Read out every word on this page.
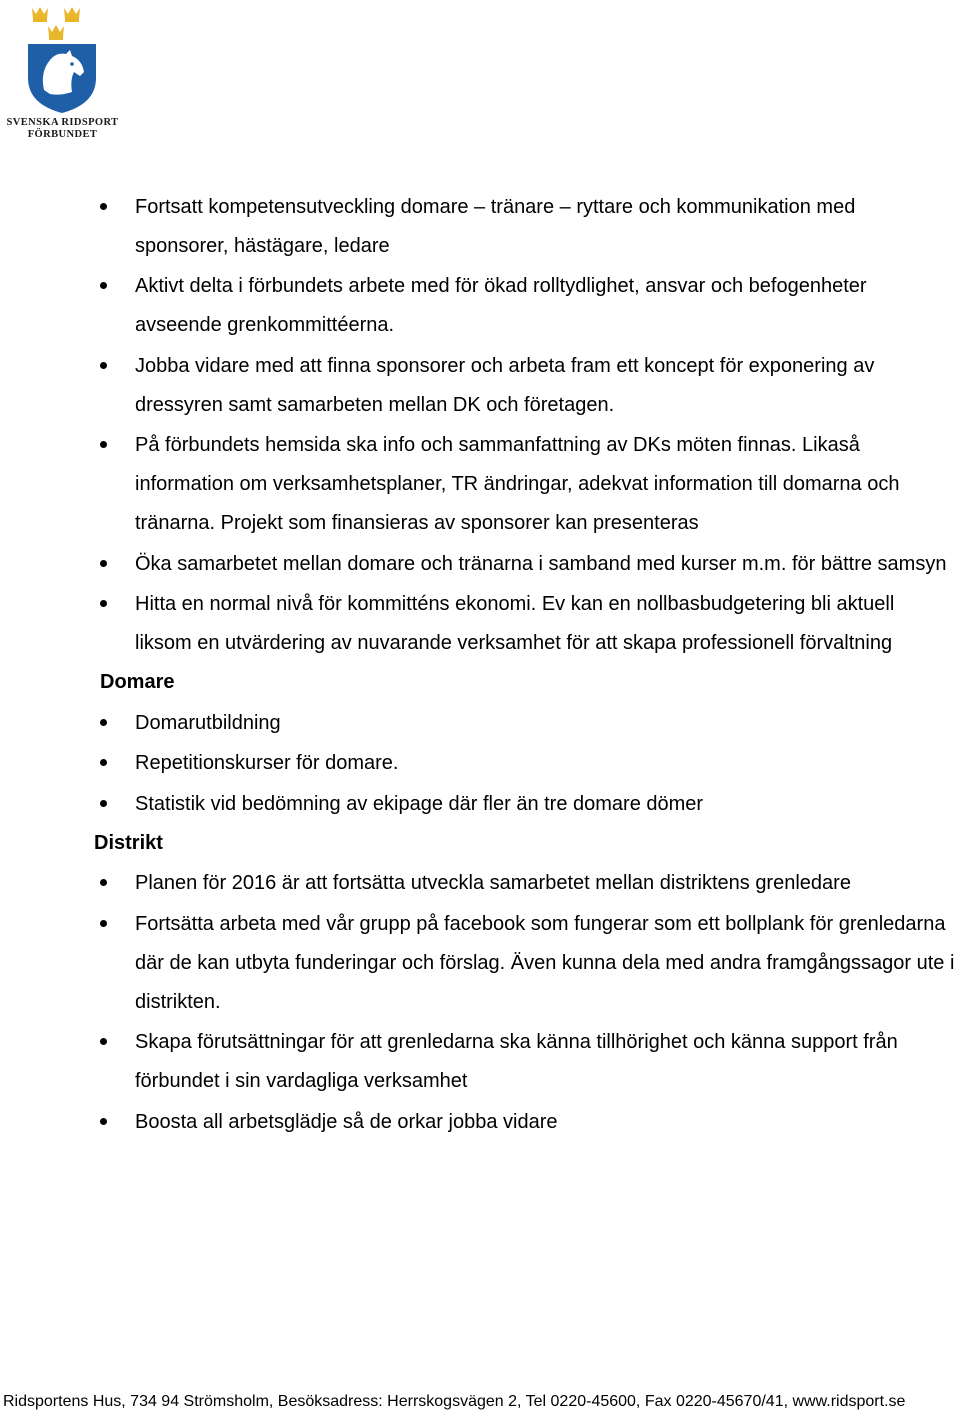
SVENSKA RIDSPORT
FÖRBUNDET
Fortsatt kompetensutveckling domare – tränare – ryttare och kommunikation med sponsorer, hästägare, ledare
Aktivt delta i förbundets arbete med för ökad rolltydlighet, ansvar och befogenheter avseende grenkommittéerna.
Jobba vidare med att finna sponsorer och arbeta fram ett koncept för exponering av dressyren samt samarbeten mellan DK och företagen.
På förbundets hemsida ska info och sammanfattning av DKs möten finnas. Likaså information om verksamhetsplaner, TR ändringar, adekvat information till domarna och tränarna. Projekt som finansieras av sponsorer kan presenteras
Öka samarbetet mellan domare och tränarna i samband med kurser m.m. för bättre samsyn
Hitta en normal nivå för kommitténs ekonomi. Ev kan en nollbasbudgetering bli aktuell liksom en utvärdering av nuvarande verksamhet för att skapa professionell förvaltning
Domare
Domarutbildning
Repetitionskurser för domare.
Statistik vid bedömning av ekipage där fler än tre domare dömer
Distrikt
Planen för 2016 är att fortsätta utveckla samarbetet mellan distriktens grenledare
Fortsätta arbeta med vår grupp på facebook som fungerar som ett bollplank för grenledarna där de kan utbyta funderingar och förslag. Även kunna dela med andra framgångssagor ute i distrikten.
Skapa förutsättningar för att grenledarna ska känna tillhörighet och känna support från förbundet i sin vardagliga verksamhet
Boosta all arbetsglädje så de orkar jobba vidare
Ridsportens Hus, 734 94 Strömsholm, Besöksadress: Herrskogsvägen 2, Tel 0220-45600, Fax 0220-45670/41, www.ridsport.se
